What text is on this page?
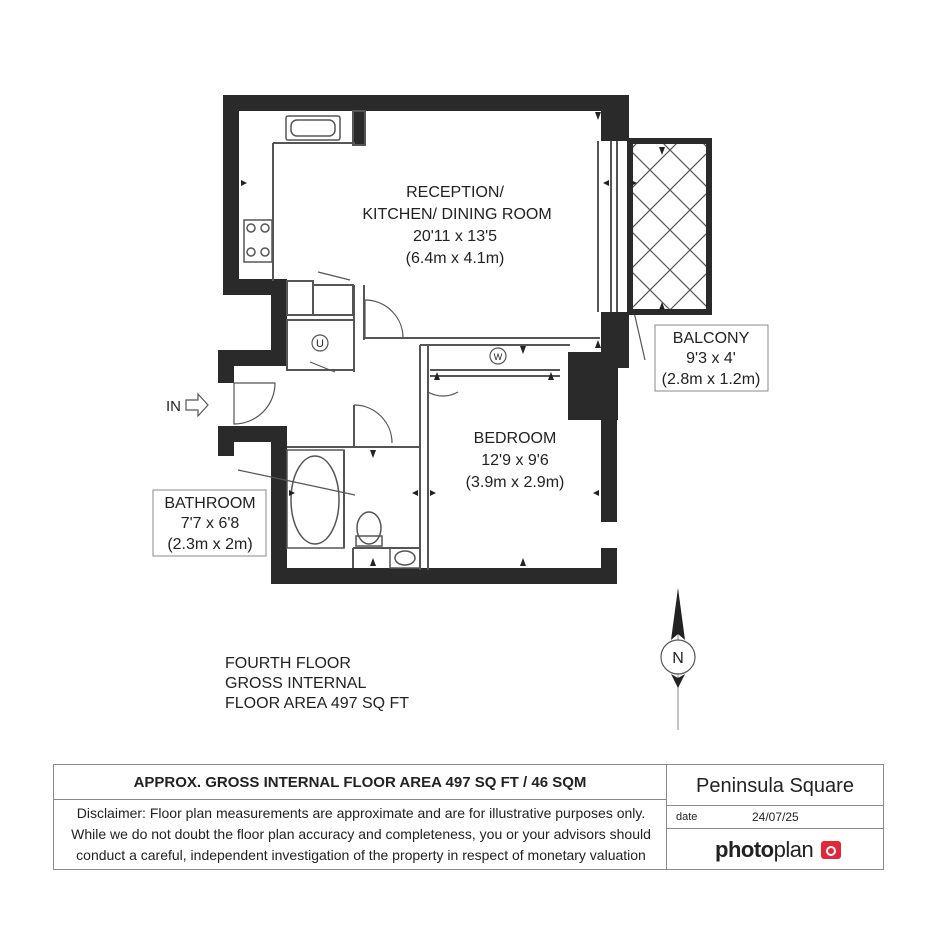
U
W
RECEPTION/
KITCHEN/ DINING ROOM
20'11 x 13'5
(6.4m x 4.1m)
BEDROOM
12'9 x 9'6
(3.9m x 2.9m)
IN
BATHROOM
7'7 x 6'8
(2.3m x 2m)
BALCONY
9'3 x 4'
(2.8m x 1.2m)
N
FOURTH FLOOR
GROSS INTERNAL
FLOOR AREA 497 SQ FT
APPROX. GROSS INTERNAL FLOOR AREA 497 SQ FT / 46 SQM
Disclaimer: Floor plan measurements are approximate and are for illustrative purposes only.
While we do not doubt the floor plan accuracy and completeness, you or your advisors should
conduct a careful, independent investigation of the property in respect of monetary valuation
Peninsula Square
date	24/07/25
photoplan
